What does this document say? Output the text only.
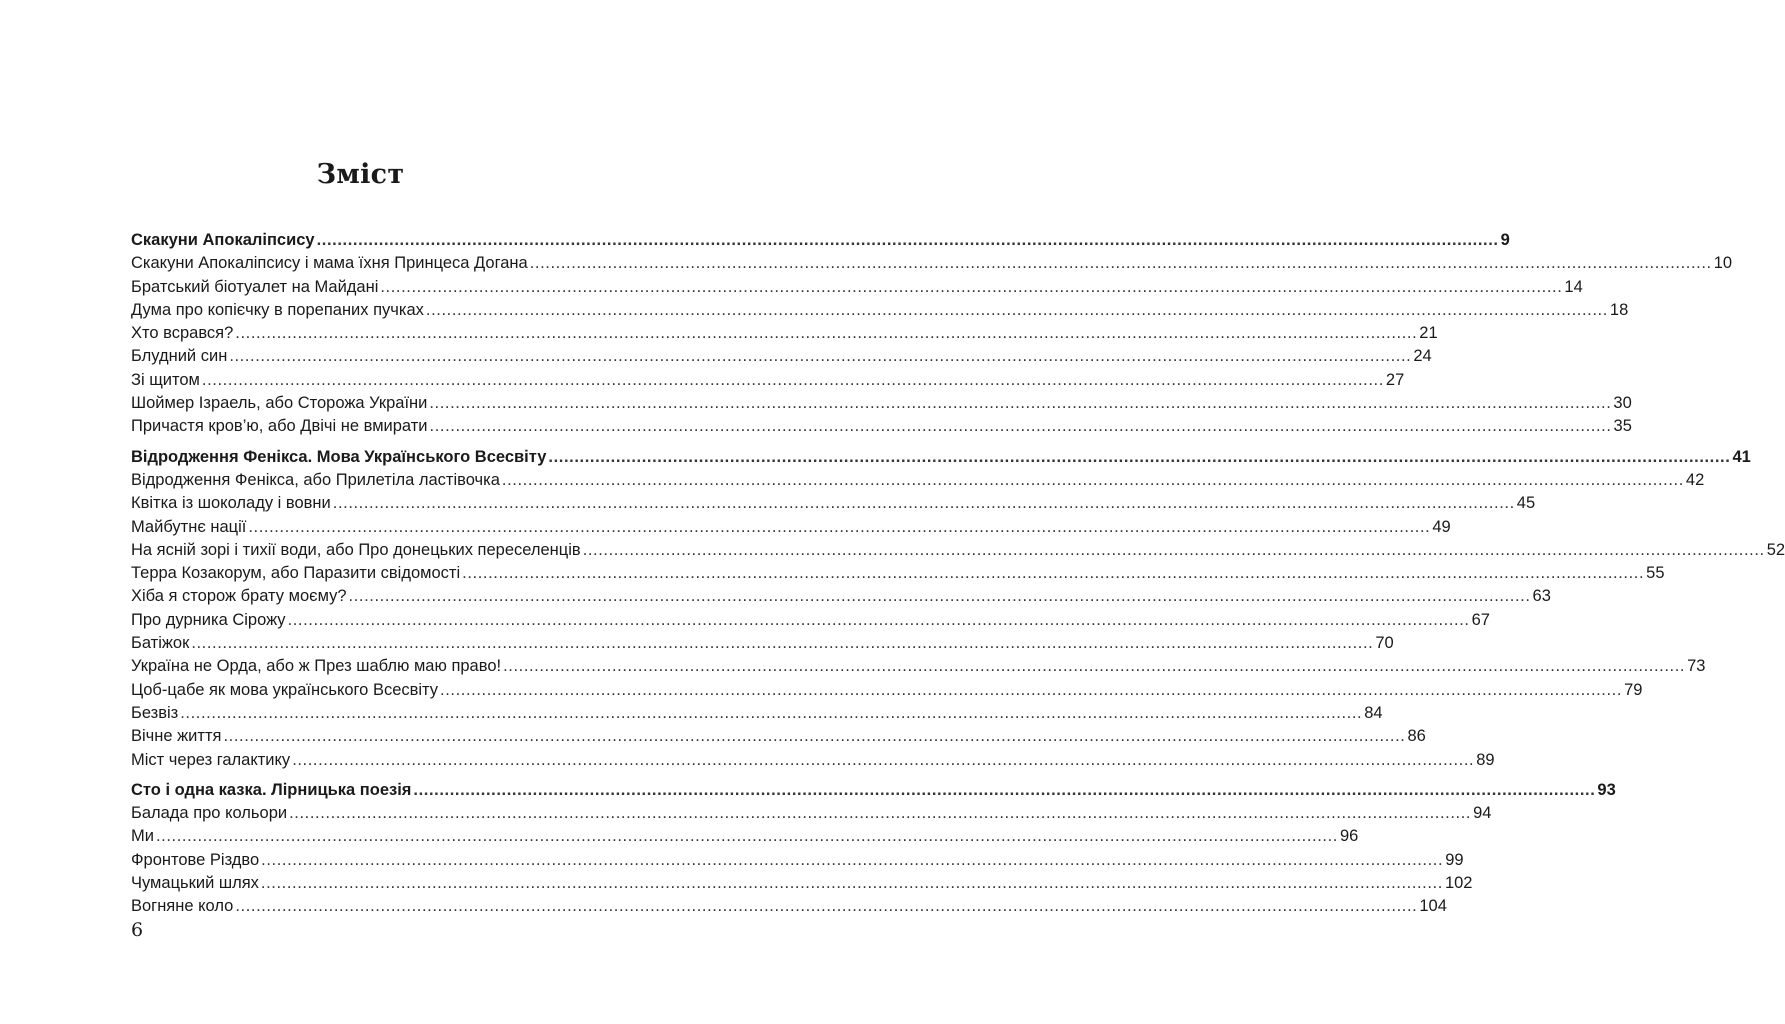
Зміст
Скакуни Апокаліпсису .....	9
Скакуни Апокаліпсису і мама їхня Принцеса Догана .....	10
Братський біотуалет на Майдані .....	14
Дума про копієчку в порепаних пучках .....	18
Хто всрався? .....	21
Блудний син .....	24
Зі щитом .....	27
Шоймер Ізраель, або Сторожа України .....	30
Причастя кров’ю, або Двічі не вмирати .....	35
Відродження Фенікса. Мова Українського Всесвіту .....	41
Відродження Фенікса, або Прилетіла ластівочка .....	42
Квітка із шоколаду і вовни .....	45
Майбутнє нації .....	49
На ясній зорі і тихії води, або Про донецьких переселенців .....	52
Терра Козакорум, або Паразити свідомості .....	55
Хіба я сторож брату моєму? .....	63
Про дурника Сірожу .....	67
Батіжок .....	70
Україна не Орда, або ж През шаблю маю право! .....	73
Цоб-цабе як мова українського Всесвіту .....	79
Безвіз .....	84
Вічне життя .....	86
Міст через галактику .....	89
Сто і одна казка. Лірницька поезія .....	93
Балада про кольори .....	94
Ми .....	96
Фронтове Різдво .....	99
Чумацький шлях .....	102
Вогняне коло .....	104
6
